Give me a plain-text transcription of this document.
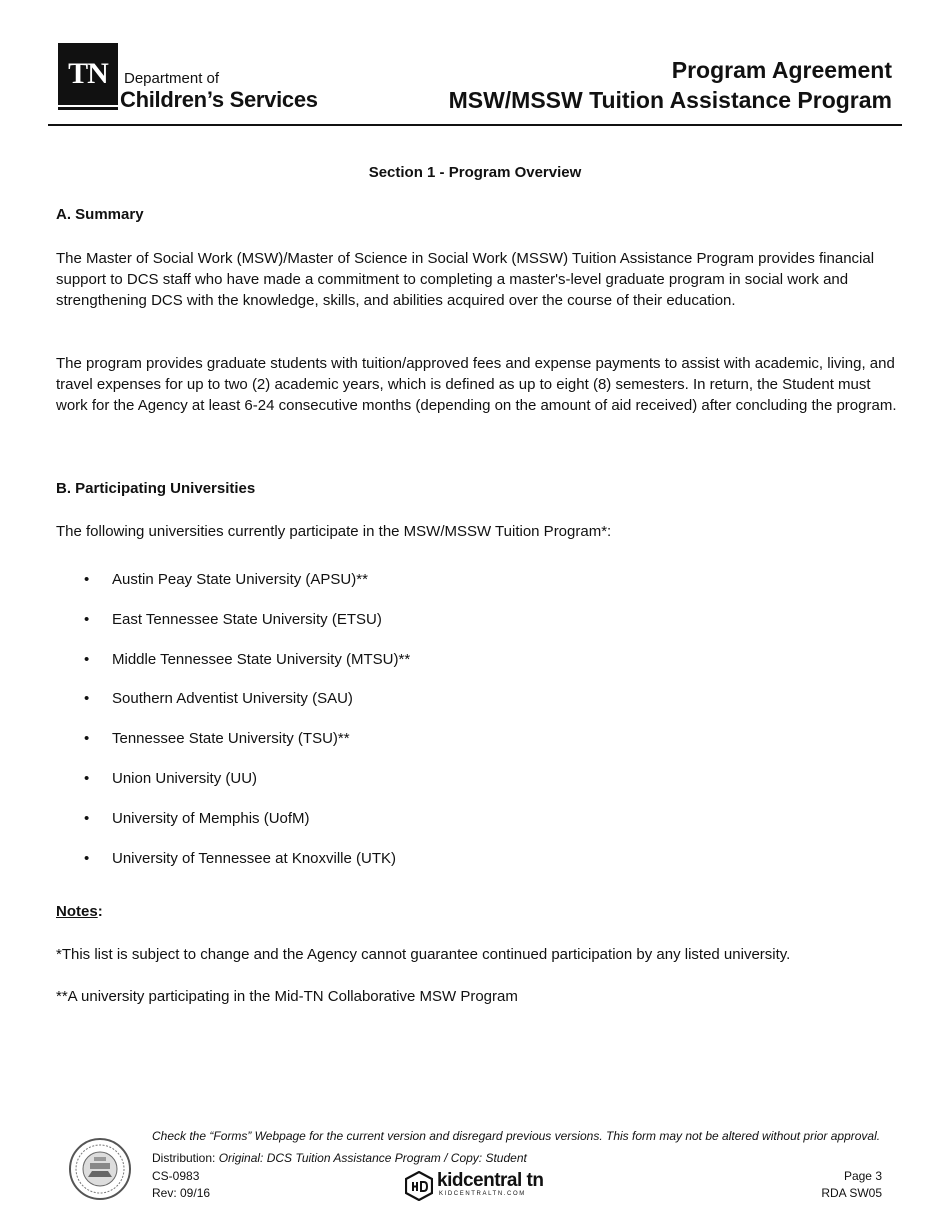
TN	Department of
Children’s Services
Program Agreement
MSW/MSSW Tuition Assistance Program
Section 1 - Program Overview
A. Summary
The Master of Social Work (MSW)/Master of Science in Social Work (MSSW) Tuition Assistance Program provides financial support to DCS staff who have made a commitment to completing a master's-level graduate program in social work and strengthening DCS with the knowledge, skills, and abilities acquired over the course of their education.
The program provides graduate students with tuition/approved fees and expense payments to assist with academic, living, and travel expenses for up to two (2) academic years, which is defined as up to eight (8) semesters. In return, the Student must work for the Agency at least 6-24 consecutive months (depending on the amount of aid received) after concluding the program.
B. Participating Universities
The following universities currently participate in the MSW/MSSW Tuition Program*:
• Austin Peay State University (APSU)**
• East Tennessee State University (ETSU)
• Middle Tennessee State University (MTSU)**
• Southern Adventist University (SAU)
• Tennessee State University (TSU)**
• Union University (UU)
• University of Memphis (UofM)
• University of Tennessee at Knoxville (UTK)
Notes:
*This list is subject to change and the Agency cannot guarantee continued participation by any listed university.
**A university participating in the Mid-TN Collaborative MSW Program
Check the “Forms” Webpage for the current version and disregard previous versions. This form may not be altered without prior approval.
Distribution: Original: DCS Tuition Assistance Program / Copy: Student
CS-0983
Rev: 09/16
kidcentral tn
KIDCENTRALTN.COM
Page 3
RDA SW05
